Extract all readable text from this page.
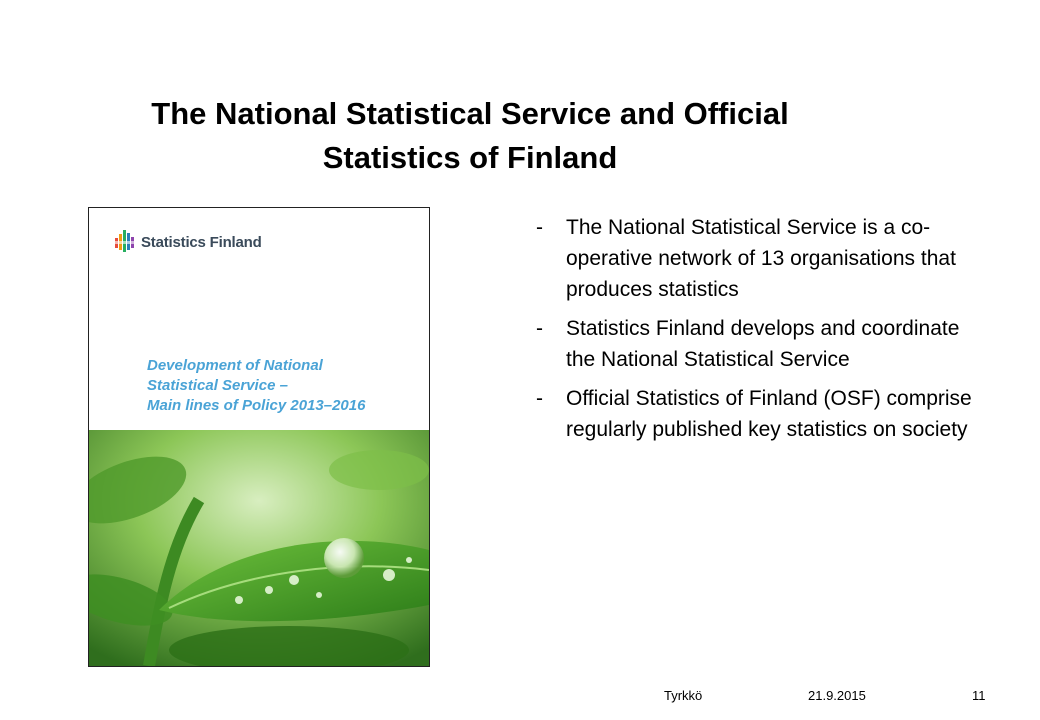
The National Statistical Service and Official
Statistics of Finland
Statistics Finland
Development of National
Statistical Service –
Main lines of Policy 2013–2016
- The National Statistical Service is a co-operative network of 13 organisations that produces statistics
- Statistics Finland develops and coordinate the National Statistical Service
- Official Statistics of Finland (OSF) comprise regularly published key statistics on society
Tyrkkö	21.9.2015	11
